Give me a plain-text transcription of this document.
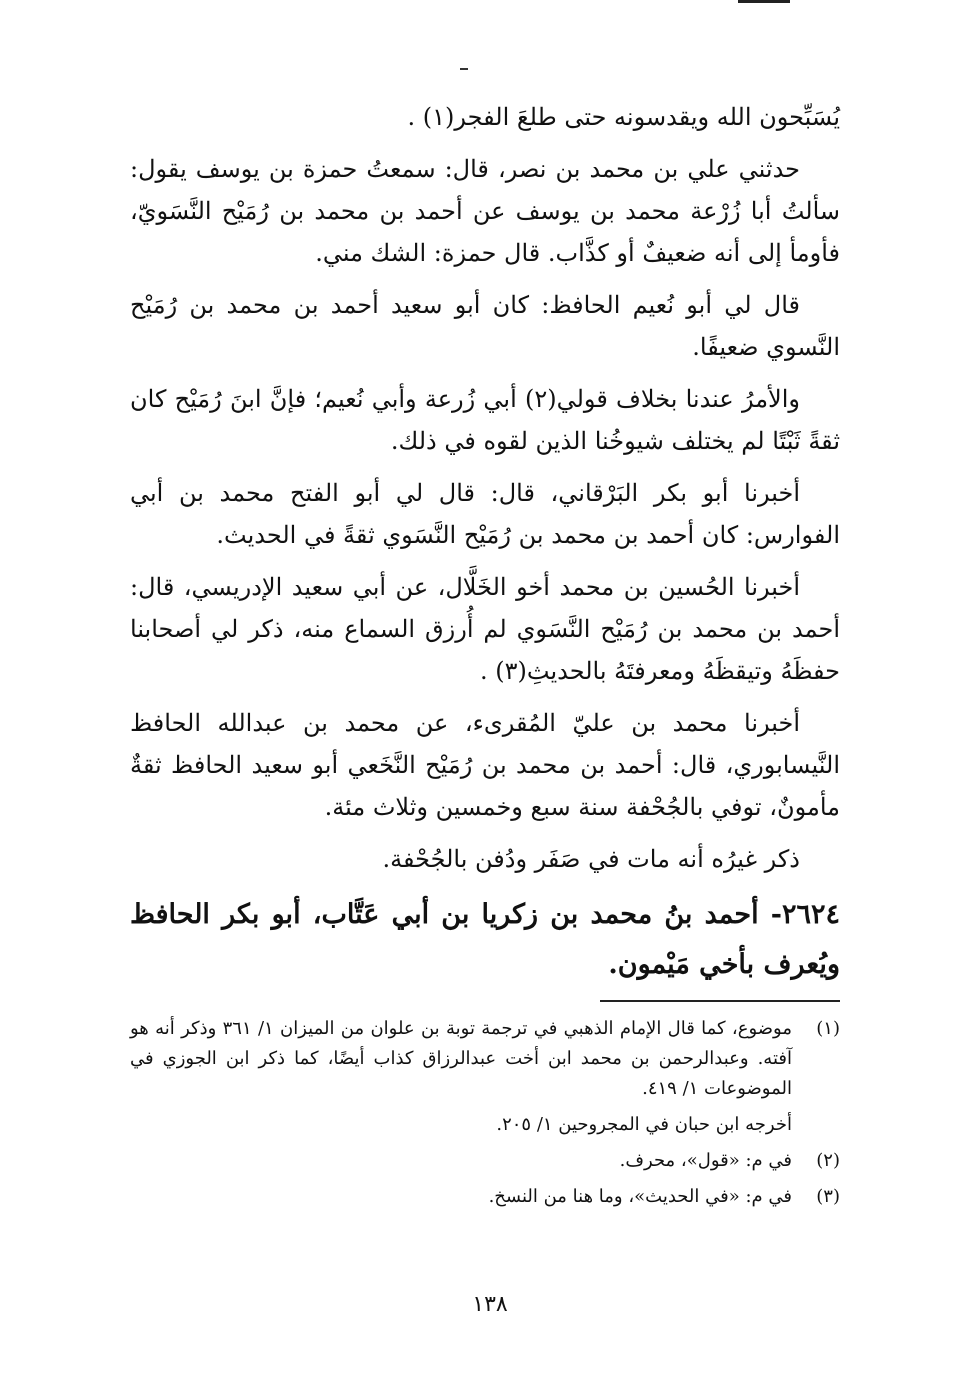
يُسَبِّحون الله ويقدسونه حتى طلعَ الفجر(١) .

حدثني علي بن محمد بن نصر، قال: سمعتُ حمزة بن يوسف يقول: سألتُ أبا زُرْعة محمد بن يوسف عن أحمد بن محمد بن رُمَيْح النَّسَويّ، فأومأ إلى أنه ضعيفٌ أو كذَّاب. قال حمزة: الشك مني.

قال لي أبو نُعيم الحافظ: كان أبو سعيد أحمد بن محمد بن رُمَيْح النَّسوي ضعيفًا.

والأمرُ عندنا بخلاف قولي(٢) أبي زُرعة وأبي نُعيم؛ فإنَّ ابنَ رُمَيْح كان ثقةً ثَبْتًا لم يختلف شيوخُنا الذين لقوه في ذلك.

أخبرنا أبو بكر البَرْقاني، قال: قال لي أبو الفتح محمد بن أبي الفوارس: كان أحمد بن محمد بن رُمَيْح النَّسَوي ثقةً في الحديث.

أخبرنا الحُسين بن محمد أخو الخَلَّال، عن أبي سعيد الإدريسي، قال: أحمد بن محمد بن رُمَيْح النَّسَوي لم أُرزق السماع منه، ذكر لي أصحابنا حفظَهُ وتيقظَهُ ومعرفتَهُ بالحديثِ(٣) .

أخبرنا محمد بن عليّ المُقرىء، عن محمد بن عبدالله الحافظ النَّيسابوري، قال: أحمد بن محمد بن رُمَيْح النَّخَعي أبو سعيد الحافظ ثقةٌ مأمونٌ، توفي بالجُحْفة سنة سبع وخمسين وثلاث مئة.

ذكر غيرُه أنه مات في صَفَر ودُفن بالجُحْفة.

٢٦٢٤- أحمد بنُ محمد بن زكريا بن أبي عَتَّاب، أبو بكر الحافظ ويُعرف بأخي مَيْمون.

(١)
موضوع، كما قال الإمام الذهبي في ترجمة توبة بن علوان من الميزان ١/ ٣٦١ وذكر أنه هو آفته. وعبدالرحمن بن محمد ابن أخت عبدالرزاق كذاب أيضًا، كما ذكر ابن الجوزي في الموضوعات ١/ ٤١٩.
أخرجه ابن حبان في المجروحين ١/ ٢٠٥.
(٢)
في م: «قول»، محرف.
(٣)
في م: «في الحديث»، وما هنا من النسخ.
١٣٨
